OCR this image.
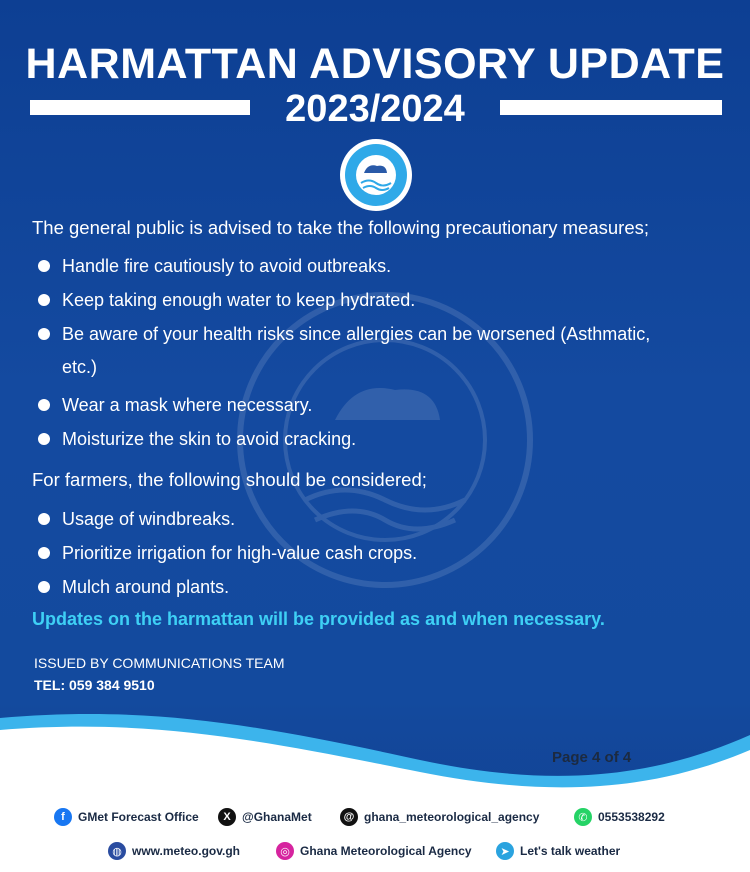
HARMATTAN ADVISORY UPDATE
2023/2024
The general public is advised to take the following precautionary measures;
Handle fire cautiously to avoid outbreaks.
Keep taking enough water to keep hydrated.
Be aware of your health risks since allergies can be worsened (Asthmatic,
etc.)
Wear a mask where necessary.
Moisturize the skin to avoid cracking.
For farmers, the following should be considered;
Usage of windbreaks.
Prioritize irrigation for high-value cash crops.
Mulch around plants.
Updates on the harmattan will be provided as and when necessary.
ISSUED BY COMMUNICATIONS TEAM
TEL: 059 384 9510
Page 4 of 4
f	GMet Forecast Office	X @GhanaMet	@ ghana_meteorological_agency	✆ 0553538292
◍ www.meteo.gov.gh	◎ Ghana Meteorological Agency	➤ Let's talk weather
